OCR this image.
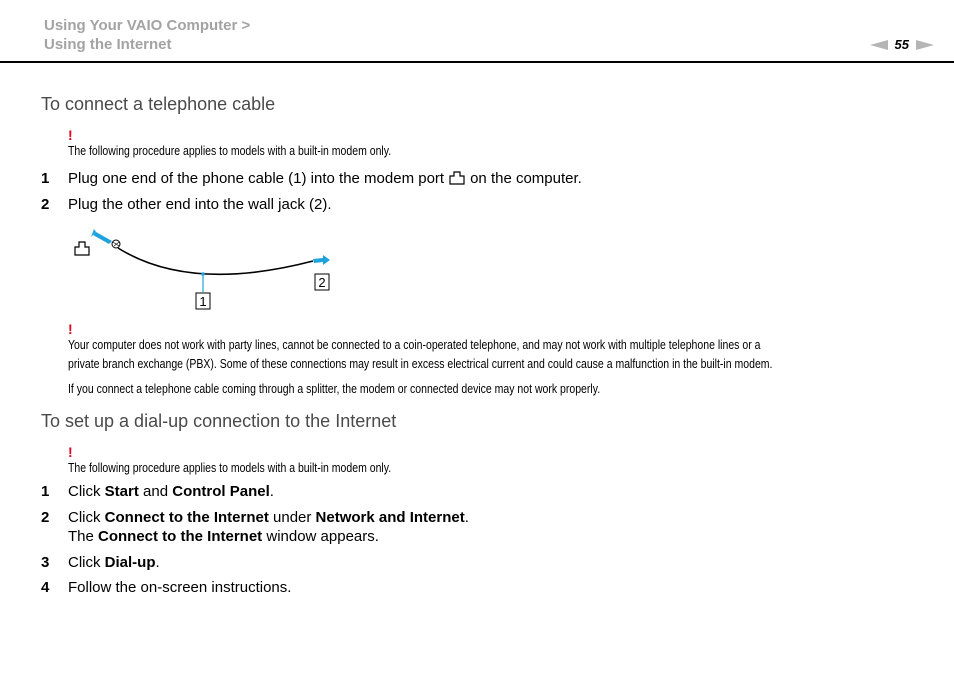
Using Your VAIO Computer >
Using the Internet	55
To connect a telephone cable
!
The following procedure applies to models with a built-in modem only.
1 Plug one end of the phone cable (1) into the modem port on the computer.
2 Plug the other end into the wall jack (2).
1
2
!
Your computer does not work with party lines, cannot be connected to a coin-operated telephone, and may not work with multiple telephone lines or a
private branch exchange (PBX). Some of these connections may result in excess electrical current and could cause a malfunction in the built-in modem.
If you connect a telephone cable coming through a splitter, the modem or connected device may not work properly.
To set up a dial-up connection to the Internet
!
The following procedure applies to models with a built-in modem only.
1 Click Start and Control Panel.
2 Click Connect to the Internet under Network and Internet.
The Connect to the Internet window appears.
3 Click Dial-up.
4 Follow the on-screen instructions.
